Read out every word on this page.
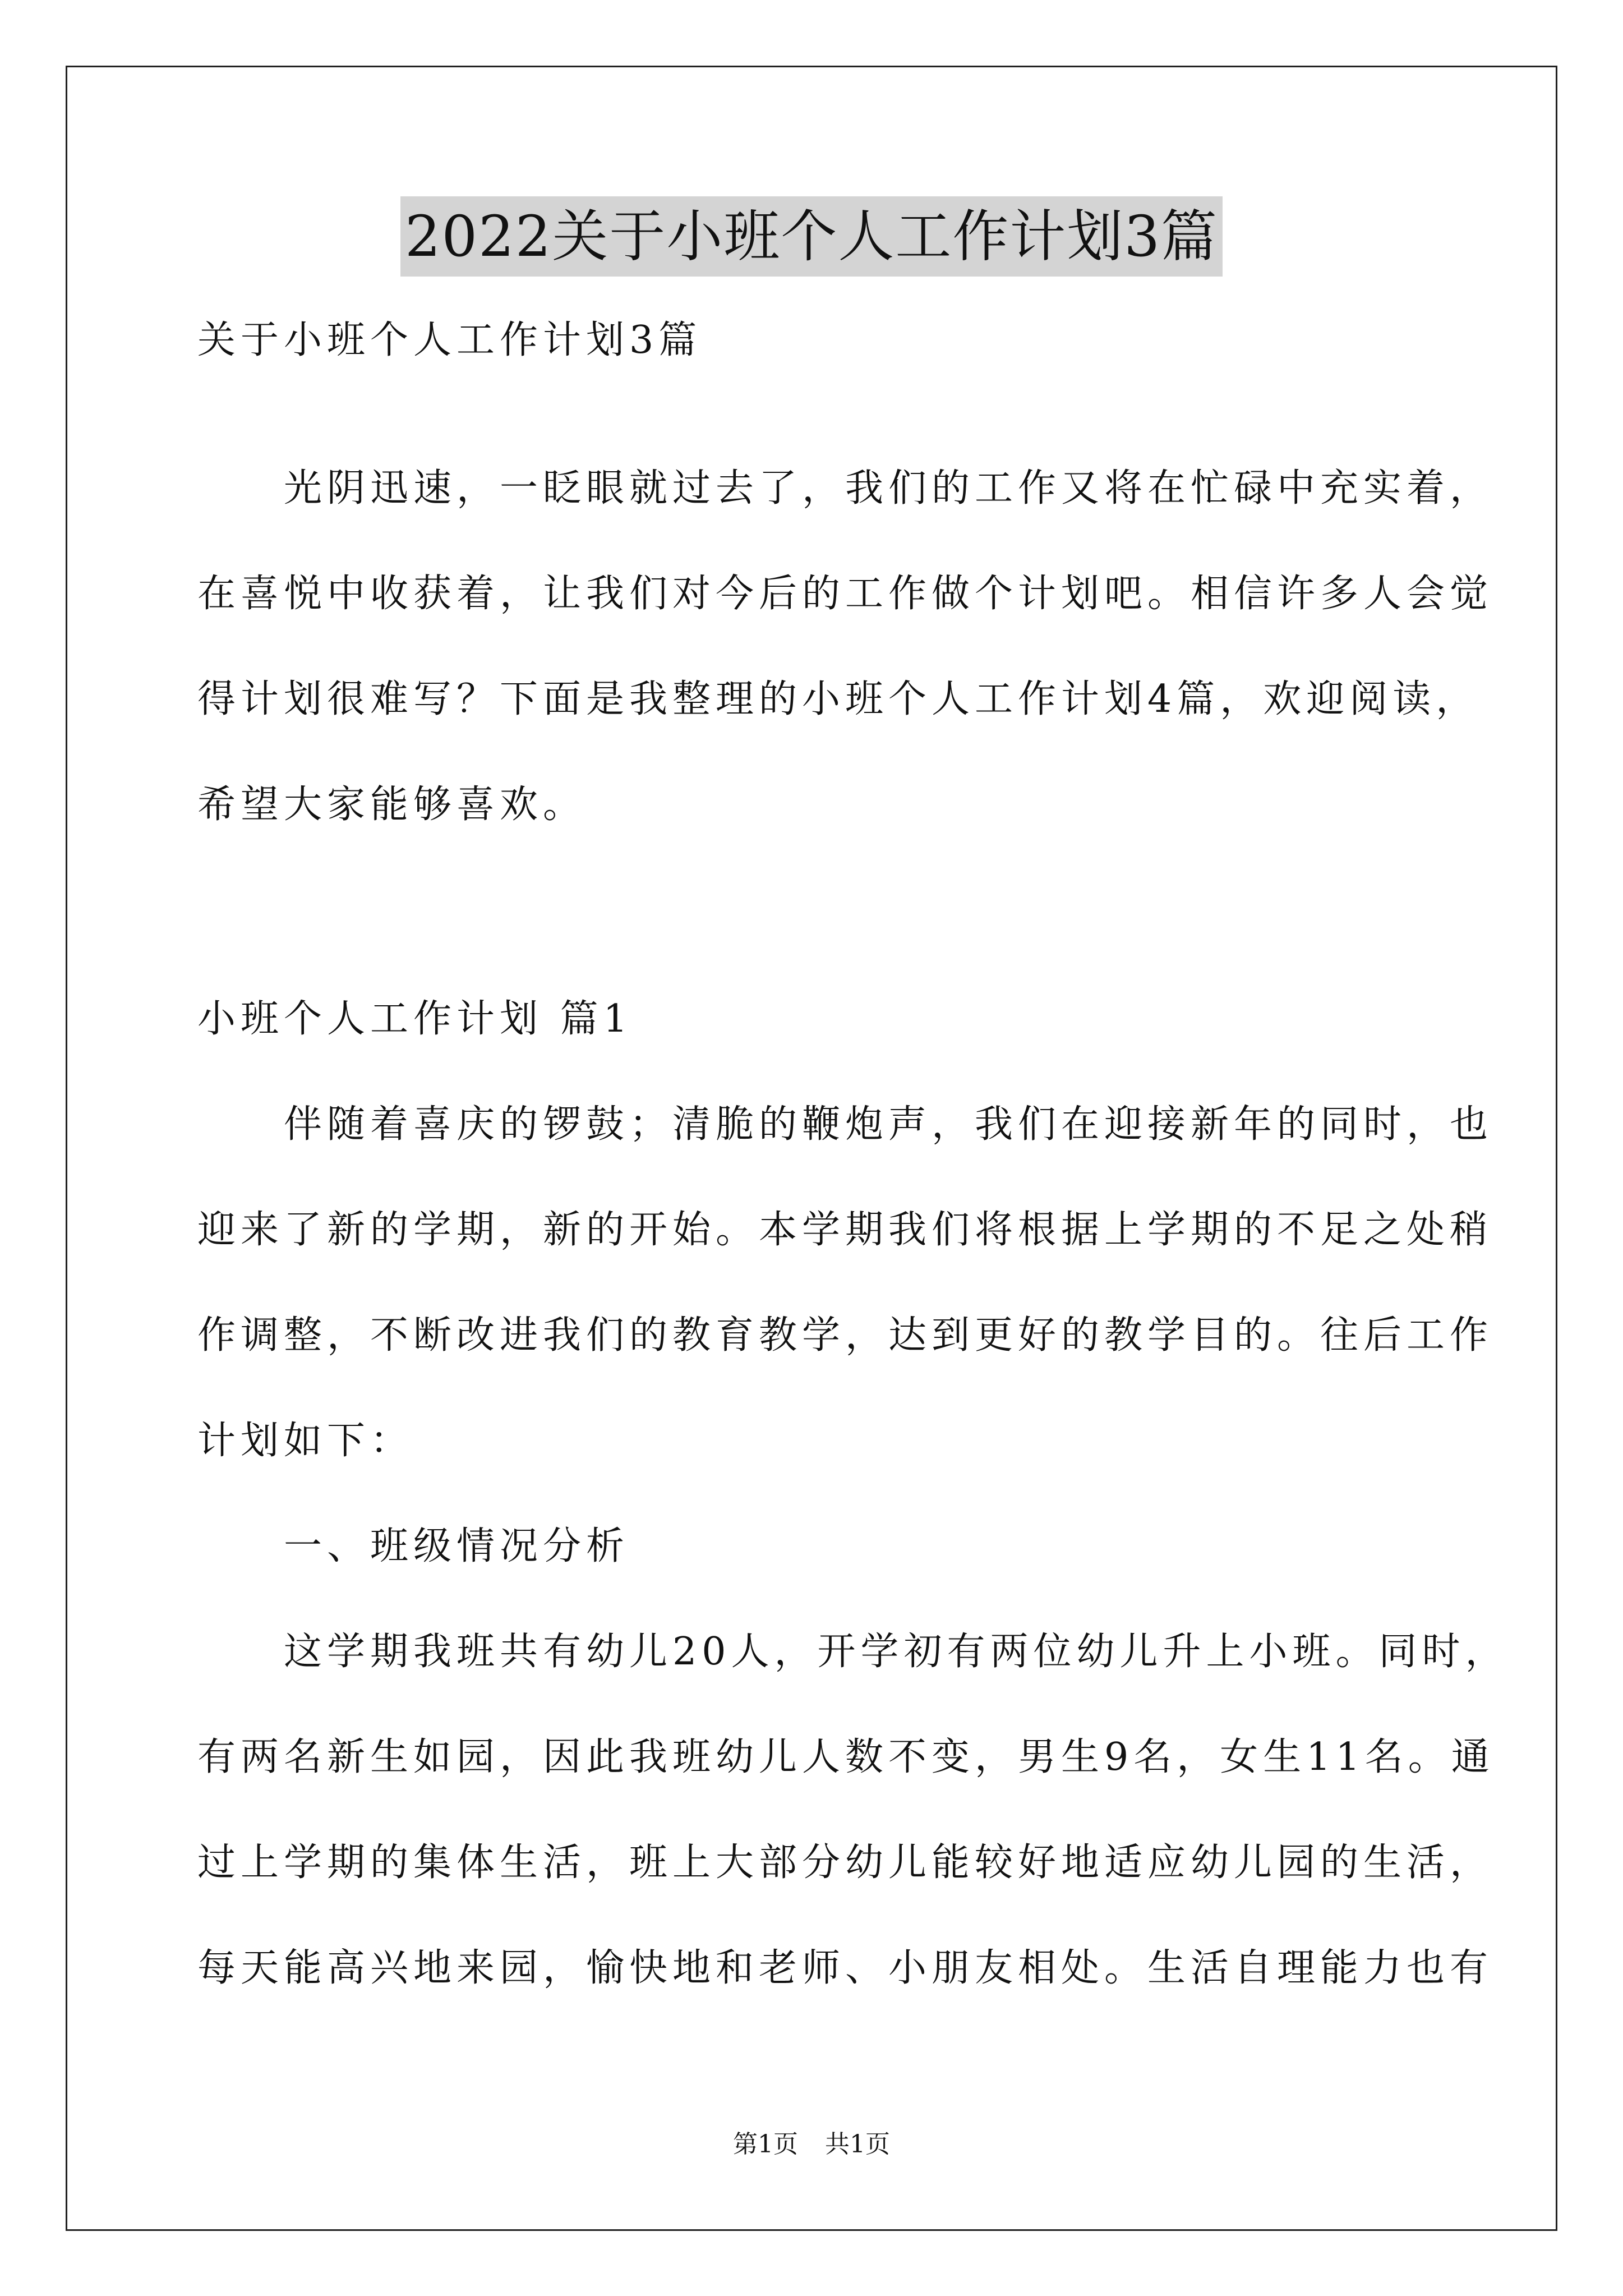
2022关于小班个人工作计划3篇
关于小班个人工作计划3篇
　　光阴迅速，一眨眼就过去了，我们的工作又将在忙碌中充实着，
在喜悦中收获着，让我们对今后的工作做个计划吧。相信许多人会觉
得计划很难写？下面是我整理的小班个人工作计划4篇，欢迎阅读，
希望大家能够喜欢。
小班个人工作计划 篇1
　　伴随着喜庆的锣鼓；清脆的鞭炮声，我们在迎接新年的同时，也
迎来了新的学期，新的开始。本学期我们将根据上学期的不足之处稍
作调整，不断改进我们的教育教学，达到更好的教学目的。往后工作
计划如下：
　　一、班级情况分析
　　这学期我班共有幼儿20人，开学初有两位幼儿升上小班。同时，
有两名新生如园，因此我班幼儿人数不变，男生9名，女生11名。通
过上学期的集体生活，班上大部分幼儿能较好地适应幼儿园的生活，
每天能高兴地来园，愉快地和老师、小朋友相处。生活自理能力也有
第1页 共1页
